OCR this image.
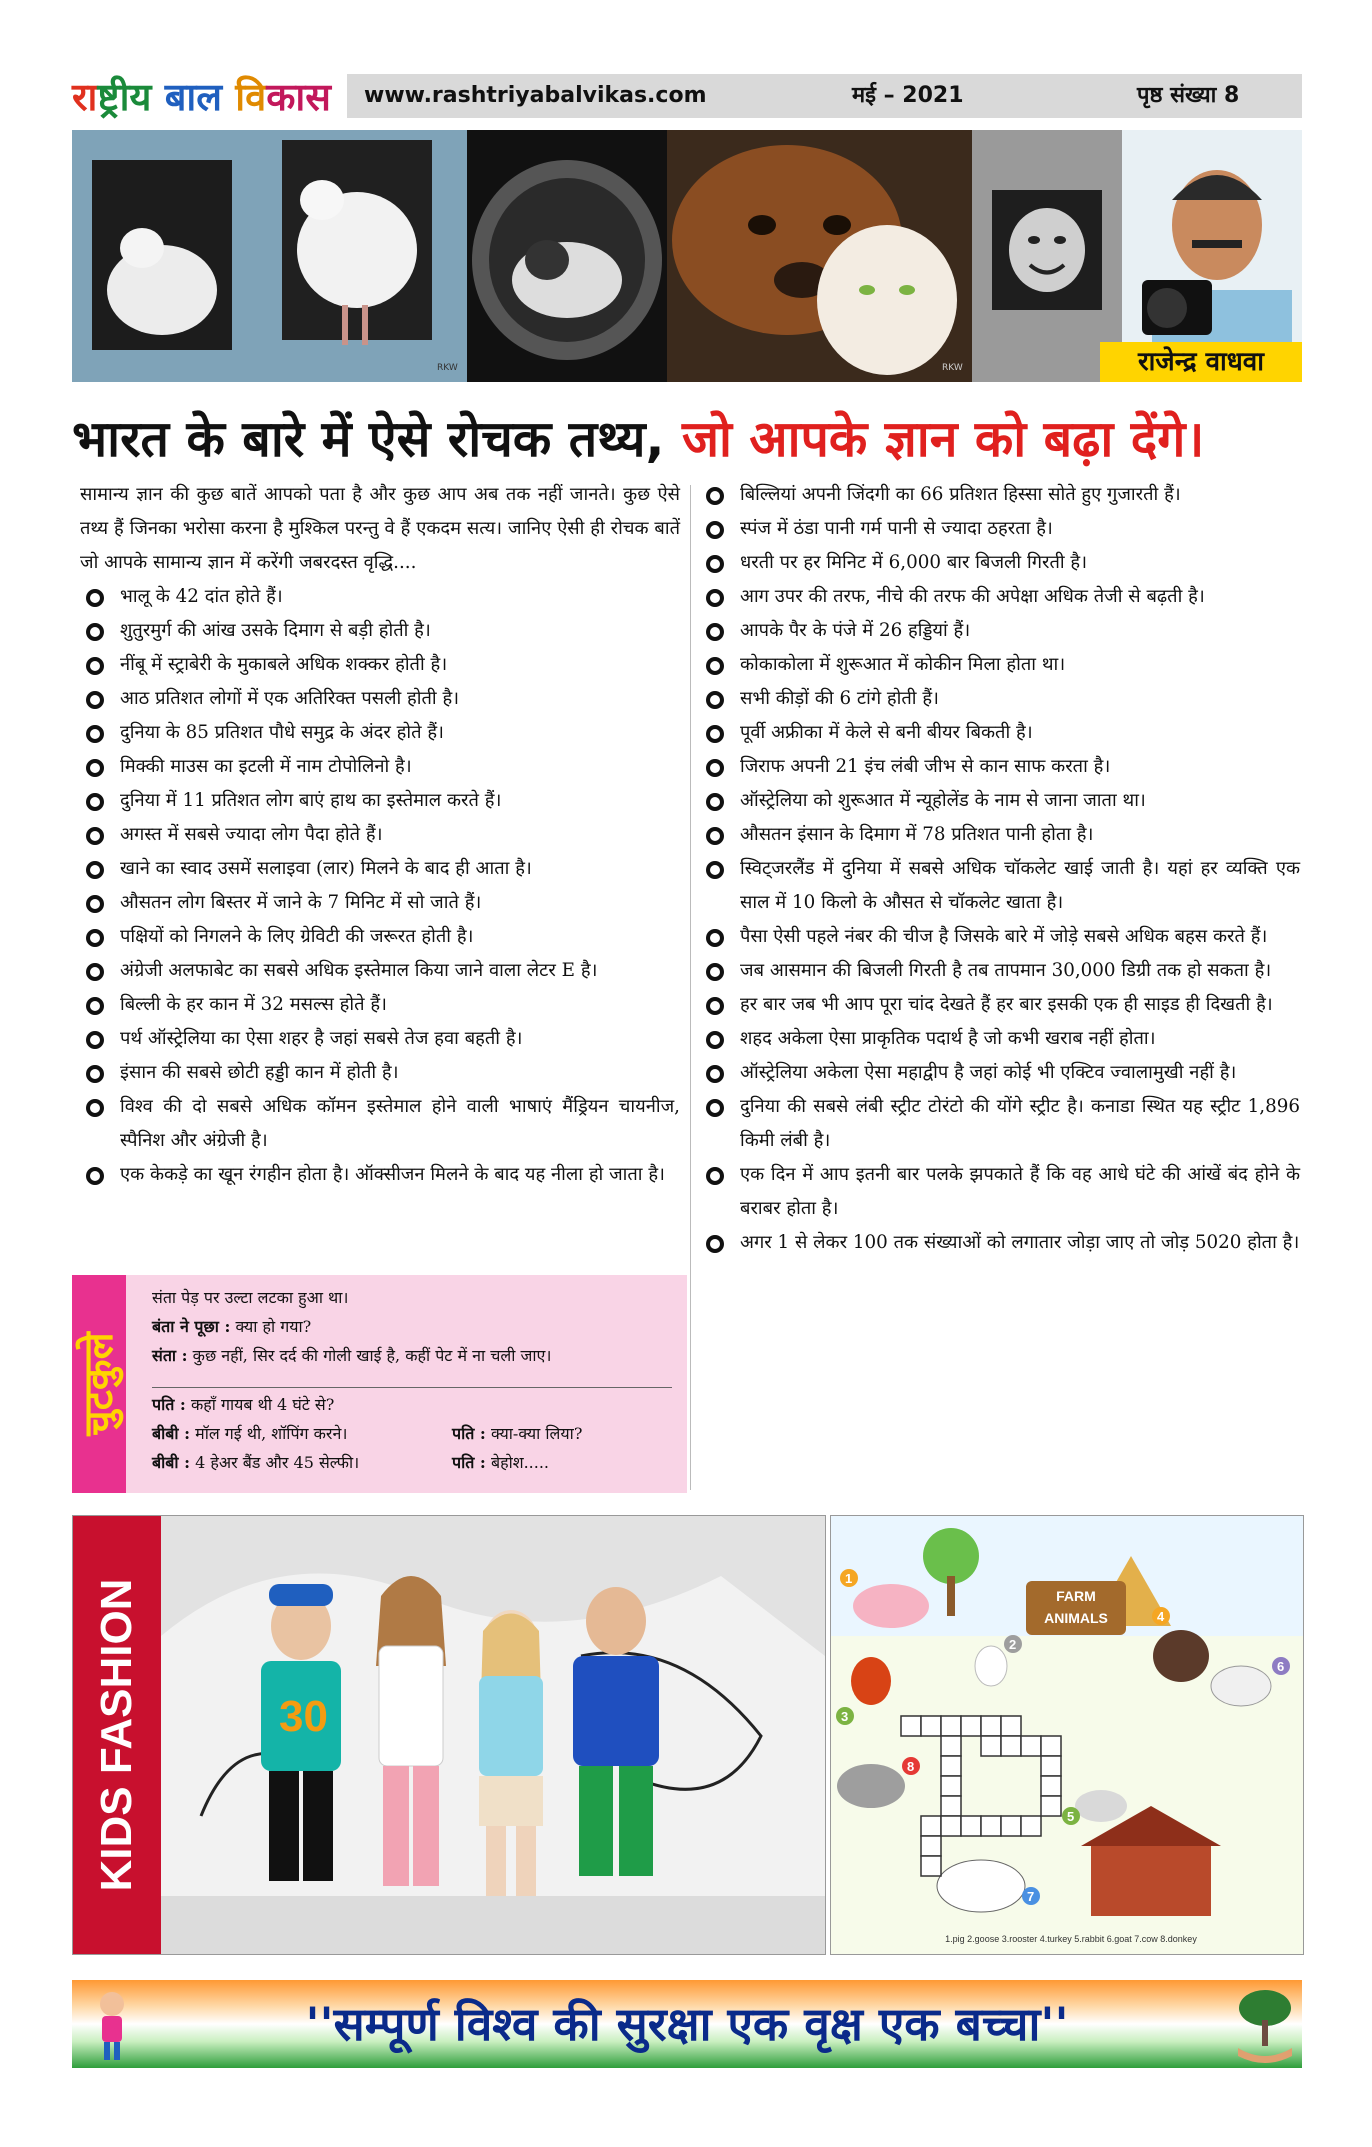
राष्ट्रीय बाल विकास	www.rashtriyabalvikas.com	मई – 2021	पृष्ठ संख्या 8
RKW	RKW	राजेन्द्र वाधवा
भारत के बारे में ऐसे रोचक तथ्य, जो आपके ज्ञान को बढ़ा देंगे।

सामान्य ज्ञान की कुछ बातें आपको पता है और कुछ आप अब तक नहीं जानते। कुछ ऐसे तथ्य हैं जिनका भरोसा करना है मुश्किल परन्तु वे हैं एकदम सत्य। जानिए ऐसी ही रोचक बातें जो आपके सामान्य ज्ञान में करेंगी जबरदस्त वृद्धि....

भालू के 42 दांत होते हैं।
शुतुरमुर्ग की आंख उसके दिमाग से बड़ी होती है।
नींबू में स्ट्राबेरी के मुकाबले अधिक शक्कर होती है।
आठ प्रतिशत लोगों में एक अतिरिक्त पसली होती है।
दुनिया के 85 प्रतिशत पौधे समुद्र के अंदर होते हैं।
मिक्की माउस का इटली में नाम टोपोलिनो है।
दुनिया में 11 प्रतिशत लोग बाएं हाथ का इस्तेमाल करते हैं।
अगस्त में सबसे ज्यादा लोग पैदा होते हैं।
खाने का स्वाद उसमें सलाइवा (लार) मिलने के बाद ही आता है।
औसतन लोग बिस्तर में जाने के 7 मिनिट में सो जाते हैं।
पक्षियों को निगलने के लिए ग्रेविटी की जरूरत होती है।
अंग्रेजी अलफाबेट का सबसे अधिक इस्तेमाल किया जाने वाला लेटर E है।
बिल्ली के हर कान में 32 मसल्स होते हैं।
पर्थ ऑस्ट्रेलिया का ऐसा शहर है जहां सबसे तेज हवा बहती है।
इंसान की सबसे छोटी हड्डी कान में होती है।
विश्व की दो सबसे अधिक कॉमन इस्तेमाल होने वाली भाषाएं मैंड्रियन चायनीज, स्पैनिश और अंग्रेजी है।
एक केकड़े का खून रंगहीन होता है। ऑक्सीजन मिलने के बाद यह नीला हो जाता है।
बिल्लियां अपनी जिंदगी का 66 प्रतिशत हिस्सा सोते हुए गुजारती हैं।
स्पंज में ठंडा पानी गर्म पानी से ज्यादा ठहरता है।
धरती पर हर मिनिट में 6,000 बार बिजली गिरती है।
आग उपर की तरफ, नीचे की तरफ की अपेक्षा अधिक तेजी से बढ़ती है।
आपके पैर के पंजे में 26 हड्डियां हैं।
कोकाकोला में शुरूआत में कोकीन मिला होता था।
सभी कीड़ों की 6 टांगे होती हैं।
पूर्वी अफ्रीका में केले से बनी बीयर बिकती है।
जिराफ अपनी 21 इंच लंबी जीभ से कान साफ करता है।
ऑस्ट्रेलिया को शुरूआत में न्यूहोलेंड के नाम से जाना जाता था।
औसतन इंसान के दिमाग में 78 प्रतिशत पानी होता है।
स्विट्जरलैंड में दुनिया में सबसे अधिक चॉकलेट खाई जाती है। यहां हर व्यक्ति एक साल में 10 किलो के औसत से चॉकलेट खाता है।
पैसा ऐसी पहले नंबर की चीज है जिसके बारे में जोड़े सबसे अधिक बहस करते हैं।
जब आसमान की बिजली गिरती है तब तापमान 30,000 डिग्री तक हो सकता है।
हर बार जब भी आप पूरा चांद देखते हैं हर बार इसकी एक ही साइड ही दिखती है।
शहद अकेला ऐसा प्राकृतिक पदार्थ है जो कभी खराब नहीं होता।
ऑस्ट्रेलिया अकेला ऐसा महाद्वीप है जहां कोई भी एक्टिव ज्वालामुखी नहीं है।
दुनिया की सबसे लंबी स्ट्रीट टोरंटो की योंगे स्ट्रीट है। कनाडा स्थित यह स्ट्रीट 1,896 किमी लंबी है।
एक दिन में आप इतनी बार पलके झपकाते हैं कि वह आधे घंटे की आंखें बंद होने के बराबर होता है।
अगर 1 से लेकर 100 तक संख्याओं को लगातार जोड़ा जाए तो जोड़ 5020 होता है।
चुटकुले
संता पेड़ पर उल्टा लटका हुआ था।
बंता ने पूछा : क्या हो गया?
संता : कुछ नहीं, सिर दर्द की गोली खाई है, कहीं पेट में ना चली जाए।
पति : कहाँ गायब थी 4 घंटे से?
बीबी : मॉल गई थी, शॉपिंग करने।	पति : क्या-क्या लिया?
बीबी : 4 हेअर बैंड और 45 सेल्फी।	पति : बेहोश.....
KIDS FASHION	30
1
2
3
4
5
6
7
8
FARM ANIMALS
1.pig 2.goose 3.rooster 4.turkey 5.rabbit 6.goat 7.cow 8.donkey
''सम्पूर्ण विश्व की सुरक्षा एक वृक्ष एक बच्चा''
